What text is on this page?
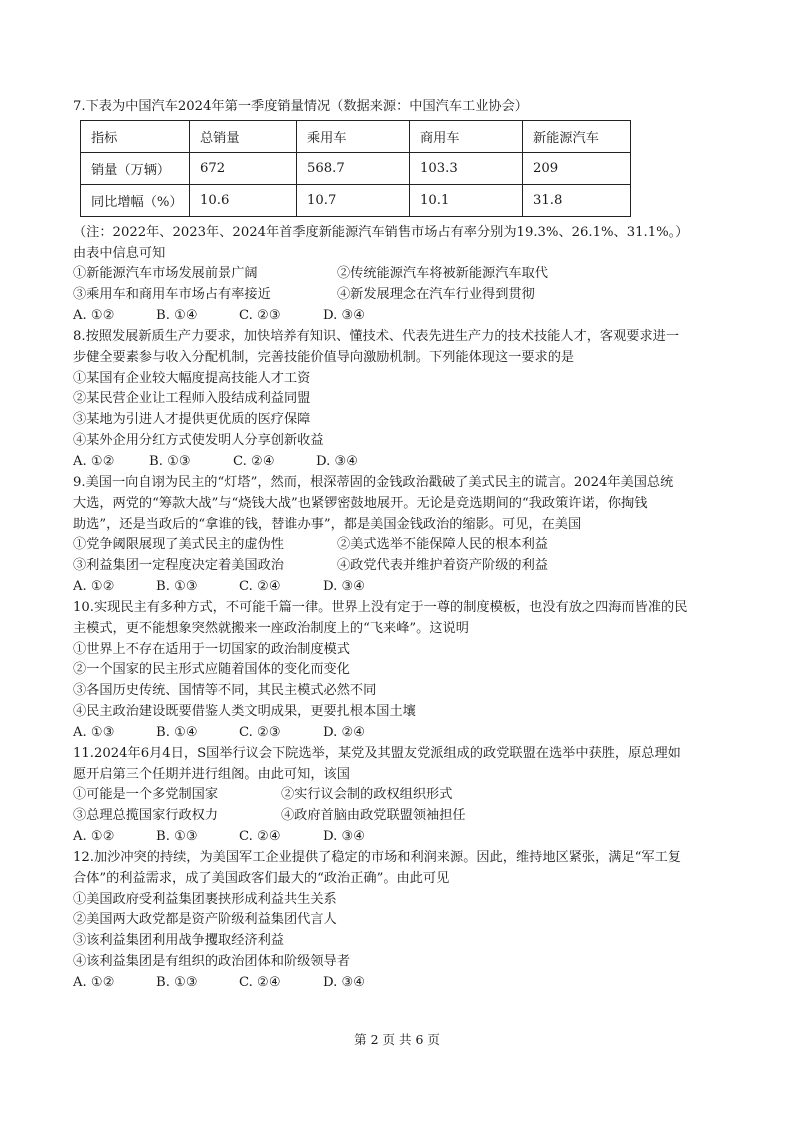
7.下表为中国汽车2024年第一季度销量情况（数据来源：中国汽车工业协会）
指标	总销量	乘用车	商用车	新能源汽车
销量（万辆）	672	568.7	103.3	209
同比增幅（%）	10.6	10.7	10.1	31.8
（注：2022年、2023年、2024年首季度新能源汽车销售市场占有率分别为19.3%、26.1%、31.1%。）
由表中信息可知
①新能源汽车市场发展前景广阔	②传统能源汽车将被新能源汽车取代
③乘用车和商用车市场占有率接近	④新发展理念在汽车行业得到贯彻
A. ①②	B. ①④	C. ②③	D. ③④
8.按照发展新质生产力要求，加快培养有知识、懂技术、代表先进生产力的技术技能人才，客观要求进一
步健全要素参与收入分配机制，完善技能价值导向激励机制。下列能体现这一要求的是
①某国有企业较大幅度提高技能人才工资
②某民营企业让工程师入股结成利益同盟
③某地为引进人才提供更优质的医疗保障
④某外企用分红方式使发明人分享创新收益
A. ①②	B. ①③	C. ②④	D. ③④
9.美国一向自诩为民主的“灯塔”，然而，根深蒂固的金钱政治戳破了美式民主的谎言。2024年美国总统
大选，两党的“筹款大战”与“烧钱大战”也紧锣密鼓地展开。无论是竞选期间的“我政策许诺，你掏钱
助选”，还是当政后的“拿谁的钱，替谁办事”，都是美国金钱政治的缩影。可见，在美国
①党争阈限展现了美式民主的虚伪性	②美式选举不能保障人民的根本利益
③利益集团一定程度决定着美国政治	④政党代表并维护着资产阶级的利益
A. ①②	B. ①③	C. ②④	D. ③④
10.实现民主有多种方式，不可能千篇一律。世界上没有定于一尊的制度模板，也没有放之四海而皆准的民
主模式，更不能想象突然就搬来一座政治制度上的“飞来峰”。这说明
①世界上不存在适用于一切国家的政治制度模式
②一个国家的民主形式应随着国体的变化而变化
③各国历史传统、国情等不同，其民主模式必然不同
④民主政治建设既要借鉴人类文明成果，更要扎根本国土壤
A. ①③	B. ①④	C. ②③	D. ②④
11.2024年6月4日，S国举行议会下院选举，某党及其盟友党派组成的政党联盟在选举中获胜，原总理如
愿开启第三个任期并进行组阁。由此可知，该国
①可能是一个多党制国家	②实行议会制的政权组织形式
③总理总揽国家行政权力	④政府首脑由政党联盟领袖担任
A. ①②	B. ①③	C. ②④	D. ③④
12.加沙冲突的持续，为美国军工企业提供了稳定的市场和利润来源。因此，维持地区紧张，满足“军工复
合体”的利益需求，成了美国政客们最大的“政治正确”。由此可见
①美国政府受利益集团裹挟形成利益共生关系
②美国两大政党都是资产阶级利益集团代言人
③该利益集团利用战争攫取经济利益
④该利益集团是有组织的政治团体和阶级领导者
A. ①②	B. ①③	C. ②④	D. ③④
第 2 页 共 6 页
